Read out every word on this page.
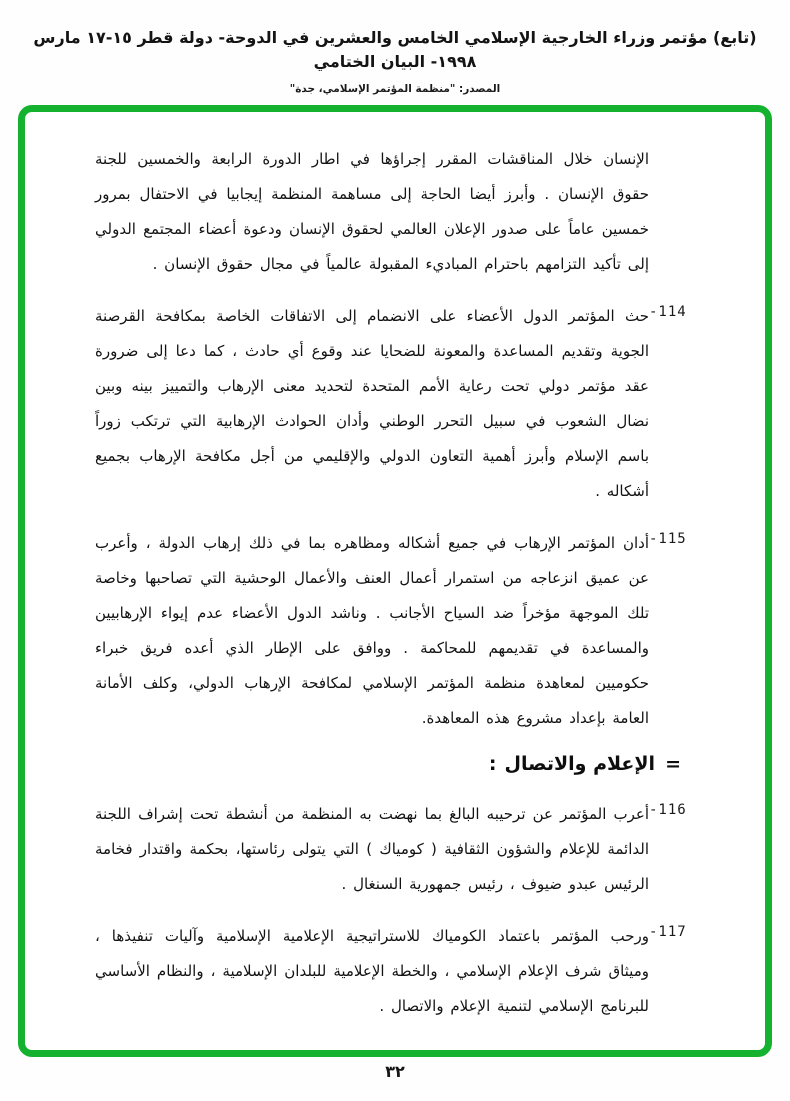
(تابع) مؤتمر وزراء الخارجية الإسلامي الخامس والعشرين في الدوحة- دولة قطر ١٥-١٧ مارس ١٩٩٨- البيان الختامي
المصدر: "منظمة المؤتمر الإسلامي، جدة"
الإنسان خلال المناقشات المقرر إجراؤها في اطار الدورة الرابعة والخمسين للجنة حقوق الإنسان . وأبرز أيضا الحاجة إلى مساهمة المنظمة إيجابيا في الاحتفال بمرور خمسين عاماً على صدور الإعلان العالمي لحقوق الإنسان ودعوة أعضاء المجتمع الدولي إلى تأكيد التزامهم باحترام المباديء المقبولة عالمياً في مجال حقوق الإنسان .
-114
حث المؤتمر الدول الأعضاء على الانضمام إلى الاتفاقات الخاصة بمكافحة القرصنة الجوية وتقديم المساعدة والمعونة للضحايا عند وقوع أي حادث ، كما دعا إلى ضرورة عقد مؤتمر دولي تحت رعاية الأمم المتحدة لتحديد معنى الإرهاب والتمييز بينه وبين نضال الشعوب في سبيل التحرر الوطني وأدان الحوادث الإرهابية التي ترتكب زوراً باسم الإسلام وأبرز أهمية التعاون الدولي والإقليمي من أجل مكافحة الإرهاب بجميع أشكاله .
-115
أدان المؤتمر الإرهاب في جميع أشكاله ومظاهره بما في ذلك إرهاب الدولة ، وأعرب عن عميق انزعاجه من استمرار أعمال العنف والأعمال الوحشية التي تصاحبها وخاصة تلك الموجهة مؤخراً ضد السياح الأجانب . وناشد الدول الأعضاء عدم إيواء الإرهابيين والمساعدة في تقديمهم للمحاكمة . ووافق على الإطار الذي أعده فريق خبراء حكوميين لمعاهدة منظمة المؤتمر الإسلامي لمكافحة الإرهاب الدولي، وكلف الأمانة العامة بإعداد مشروع هذه المعاهدة.
=الإعلام والاتصال:
-116
أعرب المؤتمر عن ترحيبه البالغ بما نهضت به المنظمة من أنشطة تحت إشراف اللجنة الدائمة للإعلام والشؤون الثقافية ( كومياك ) التي يتولى رئاستها، بحكمة واقتدار فخامة الرئيس عبدو ضيوف ، رئيس جمهورية السنغال .
-117
ورحب المؤتمر باعتماد الكومياك للاستراتيجية الإعلامية الإسلامية وآليات تنفيذها ، وميثاق شرف الإعلام الإسلامي ، والخطة الإعلامية للبلدان الإسلامية ، والنظام الأساسي للبرنامج الإسلامي لتنمية الإعلام والاتصال .
٣٢
